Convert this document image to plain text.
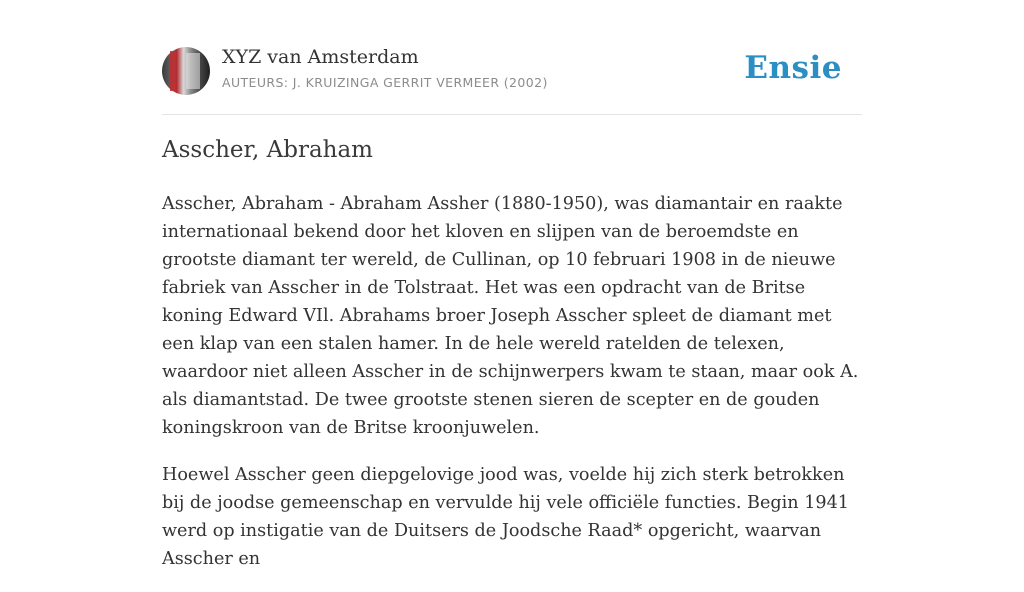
XYZ van Amsterdam
AUTEURS: J. KRUIZINGA GERRIT VERMEER (2002)	Ensie
Asscher, Abraham

Asscher, Abraham - Abraham Assher (1880-1950), was diamantair en raakte internationaal bekend door het kloven en slijpen van de beroemdste en grootste diamant ter wereld, de Cullinan, op 10 februari 1908 in de nieuwe fabriek van Asscher in de Tolstraat. Het was een opdracht van de Britse koning Edward VIl. Abrahams broer Joseph Asscher spleet de diamant met een klap van een stalen hamer. In de hele wereld ratelden de telexen, waardoor niet alleen Asscher in de schijnwerpers kwam te staan, maar ook A. als diamantstad. De twee grootste stenen sieren de scepter en de gouden koningskroon van de Britse kroonjuwelen.

Hoewel Asscher geen diepgelovige jood was, voelde hij zich sterk betrokken bij de joodse gemeenschap en vervulde hij vele officiële functies. Begin 1941 werd op instigatie van de Duitsers de Joodsche Raad* opgericht, waarvan Asscher en
